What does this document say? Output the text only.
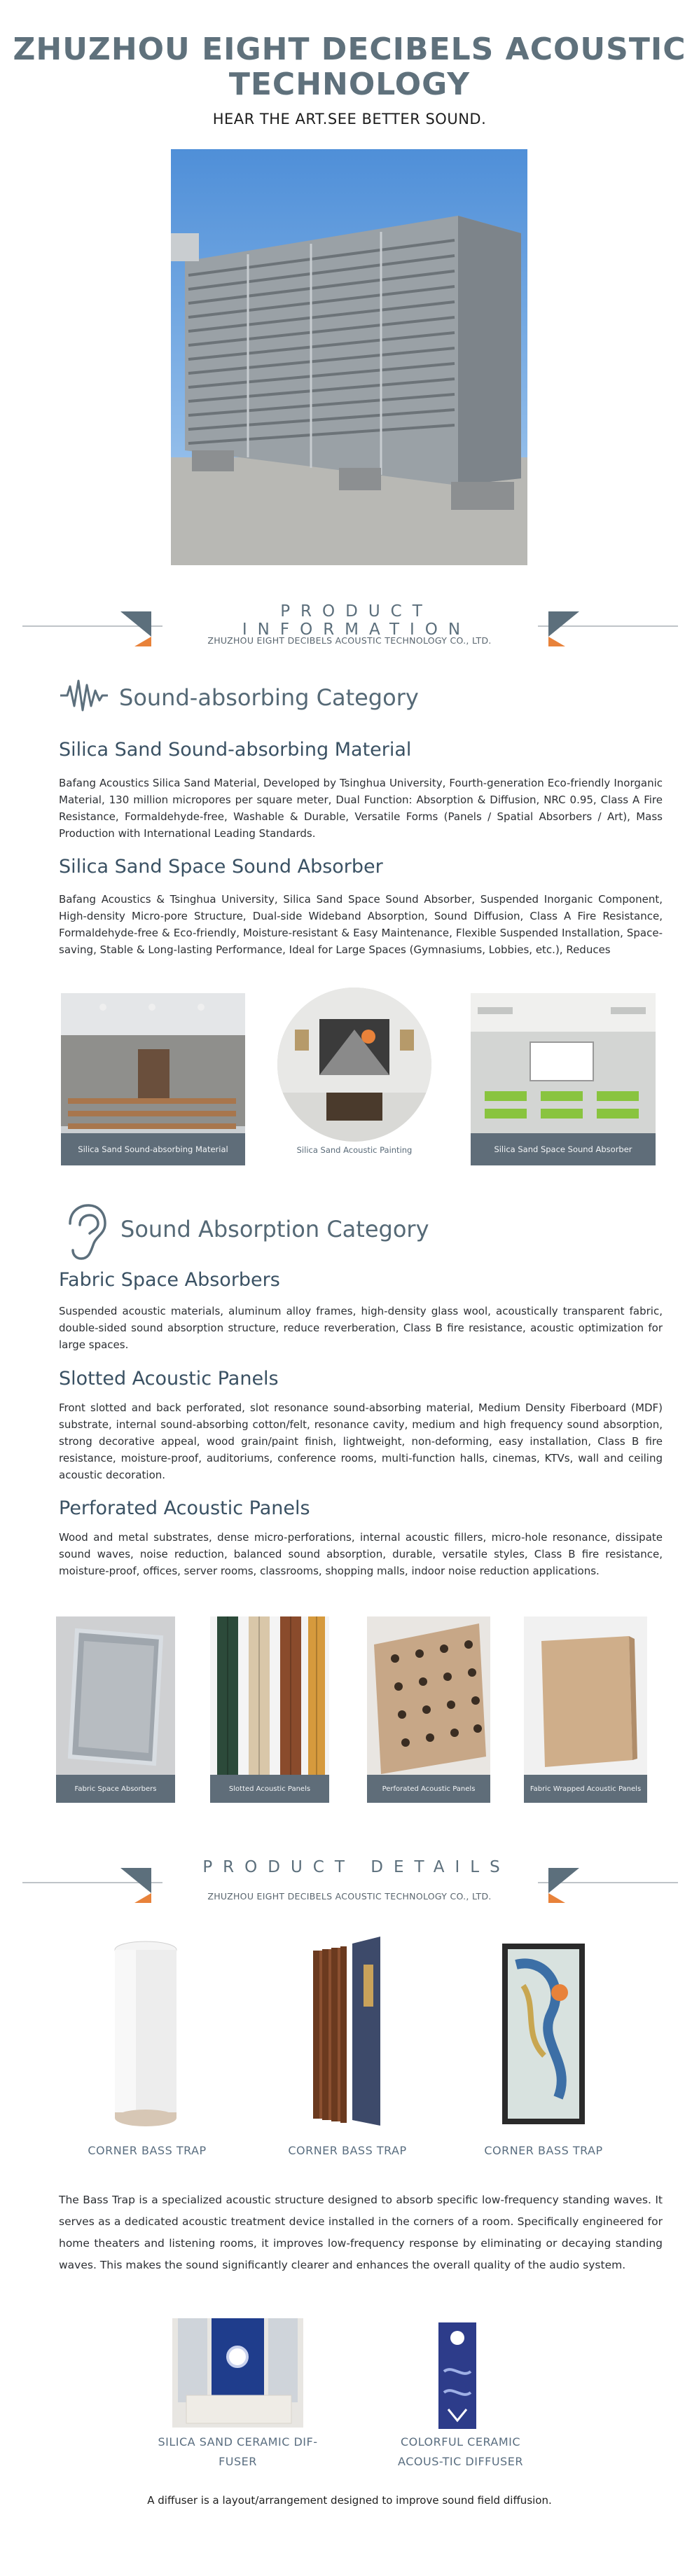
ZHUZHOU EIGHT DECIBELS ACOUSTIC TECHNOLOGY
HEAR THE ART.SEE BETTER SOUND.
PRODUCT INFORMATION
ZHUZHOU EIGHT DECIBELS ACOUSTIC TECHNOLOGY CO., LTD.
Sound-absorbing Category
Silica Sand Sound-absorbing Material
Bafang Acoustics Silica Sand Material, Developed by Tsinghua University, Fourth-generation Eco-friendly Inorganic Material, 130 million micropores per square meter, Dual Function: Absorption & Diffusion, NRC 0.95, Class A Fire Resistance, Formaldehyde-free, Washable & Durable, Versatile Forms (Panels / Spatial Absorbers / Art), Mass Production with International Leading Standards.
Silica Sand Space Sound Absorber
Bafang Acoustics & Tsinghua University, Silica Sand Space Sound Absorber, Suspended Inorganic Component, High-density Micro-pore Structure, Dual-side Wideband Absorption, Sound Diffusion, Class A Fire Resistance, Formaldehyde-free & Eco-friendly, Moisture-resistant & Easy Maintenance, Flexible Suspended Installation, Space-saving, Stable & Long-lasting Performance, Ideal for Large Spaces (Gymnasiums, Lobbies, etc.), Reduces
Silica Sand Sound-absorbing Material	Silica Sand Acoustic Painting	Silica Sand Space Sound Absorber
Sound Absorption Category
Fabric Space Absorbers
Suspended acoustic materials, aluminum alloy frames, high-density glass wool, acoustically transparent fabric, double-sided sound absorption structure, reduce reverberation, Class B fire resistance, acoustic optimization for large spaces.
Slotted Acoustic Panels
Front slotted and back perforated, slot resonance sound-absorbing material, Medium Density Fiberboard (MDF) substrate, internal sound-absorbing cotton/felt, resonance cavity, medium and high frequency sound absorption, strong decorative appeal, wood grain/paint finish, lightweight, non-deforming, easy installation, Class B fire resistance, moisture-proof, auditoriums, conference rooms, multi-function halls, cinemas, KTVs, wall and ceiling acoustic decoration.
Perforated Acoustic Panels
Wood and metal substrates, dense micro-perforations, internal acoustic fillers, micro-hole resonance, dissipate sound waves, noise reduction, balanced sound absorption, durable, versatile styles, Class B fire resistance, moisture-proof, offices, server rooms, classrooms, shopping malls, indoor noise reduction applications.
Fabric Space Absorbers	Slotted Acoustic Panels	Perforated Acoustic Panels	Fabric Wrapped Acoustic Panels
PRODUCT DETAILS
ZHUZHOU EIGHT DECIBELS ACOUSTIC TECHNOLOGY CO., LTD.
CORNER BASS TRAP	CORNER BASS TRAP	CORNER BASS TRAP
The Bass Trap is a specialized acoustic structure designed to absorb specific low-frequency standing waves. It serves as a dedicated acoustic treatment device installed in the corners of a room. Specifically engineered for home theaters and listening rooms, it improves low-frequency response by eliminating or decaying standing waves. This makes the sound significantly clearer and enhances the overall quality of the audio system.
SILICA SAND CERAMIC DIF-FUSER
COLORFUL CERAMIC ACOUS-TIC DIFFUSER
A diffuser is a layout/arrangement designed to improve sound field diffusion.
